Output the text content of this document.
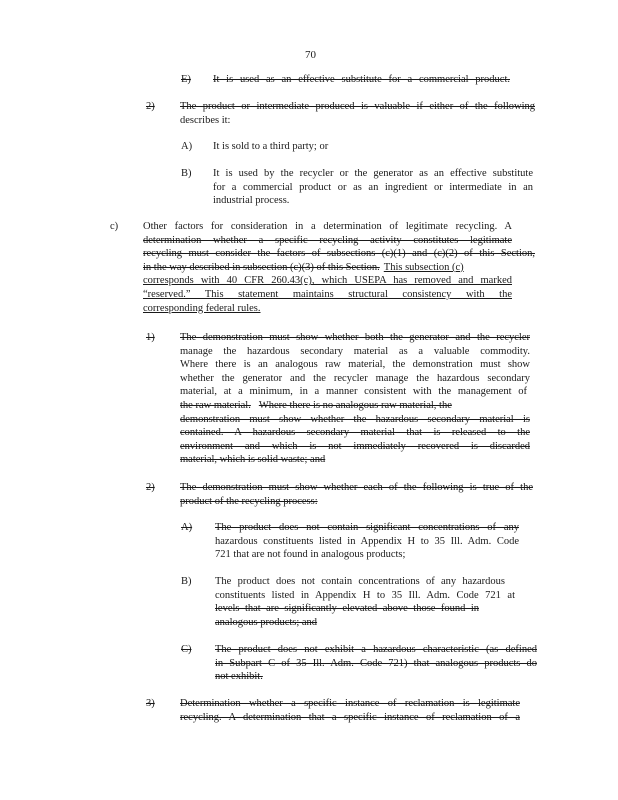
70
E) It is used as an effective substitute for a commercial product.
2) The product or intermediate produced is valuable if either of the following
describes it:
A) It is sold to a third party; or
B) It is used by the recycler or the generator as an effective substitute
for a commercial product or as an ingredient or intermediate in an
industrial process.
c) Other factors for consideration in a determination of legitimate recycling. A
determination whether a specific recycling activity constitutes legitimate
recycling must consider the factors of subsections (c)(1) and (c)(2) of this Section,
in the way described in subsection (c)(3) of this Section. This subsection (c)
corresponds with 40 CFR 260.43(c), which USEPA has removed and marked
“reserved.” This statement maintains structural consistency with the
corresponding federal rules.
1) The demonstration must show whether both the generator and the recycler
manage the hazardous secondary material as a valuable commodity.
Where there is an analogous raw material, the demonstration must show
whether the generator and the recycler manage the hazardous secondary
material, at a minimum, in a manner consistent with the management of
the raw material. Where there is no analogous raw material, the
demonstration must show whether the hazardous secondary material is
contained. A hazardous secondary material that is released to the
environment and which is not immediately recovered is discarded
material, which is solid waste; and
2) The demonstration must show whether each of the following is true of the
product of the recycling process:
A) The product does not contain significant concentrations of any
hazardous constituents listed in Appendix H to 35 Ill. Adm. Code
721 that are not found in analogous products;
B) The product does not contain concentrations of any hazardous
constituents listed in Appendix H to 35 Ill. Adm. Code 721 at
levels that are significantly elevated above those found in
analogous products; and
C) The product does not exhibit a hazardous characteristic (as defined
in Subpart C of 35 Ill. Adm. Code 721) that analogous products do
not exhibit.
3) Determination whether a specific instance of reclamation is legitimate
recycling. A determination that a specific instance of reclamation of a
